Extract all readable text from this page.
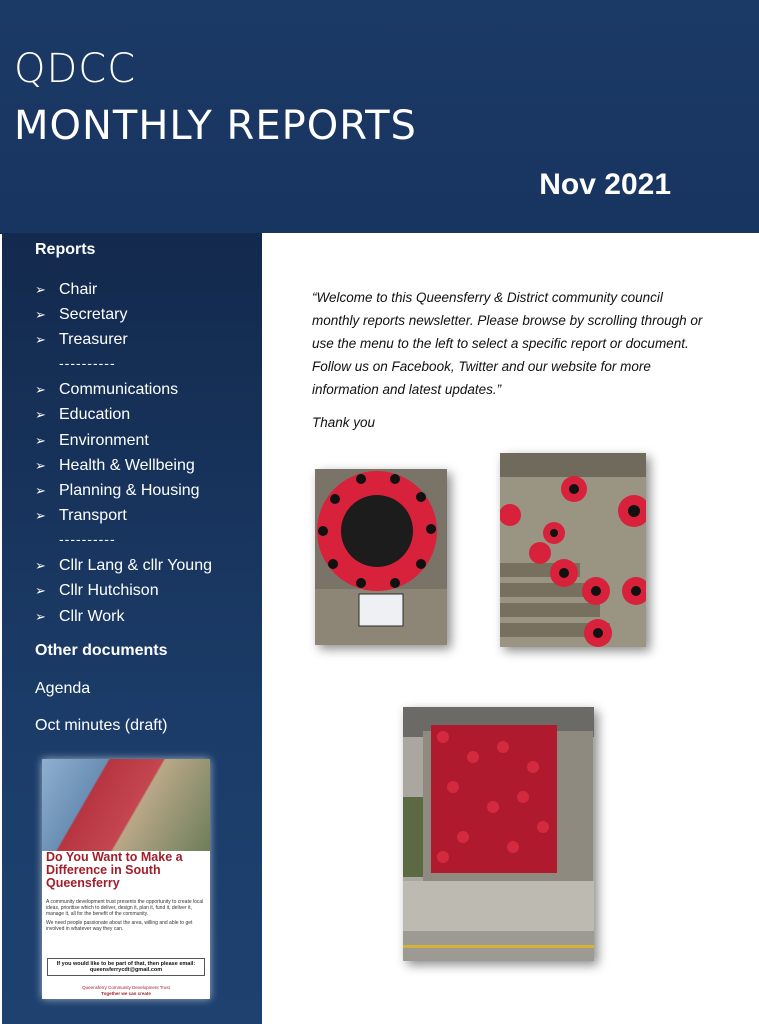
QDCC
MONTHLY REPORTS
Nov 2021
Reports
➢ Chair
➢ Secretary
➢ Treasurer
----------
➢ Communications
➢ Education
➢ Environment
➢ Health & Wellbeing
➢ Planning & Housing
➢ Transport
----------
➢ Cllr Lang & cllr Young
➢ Cllr Hutchison
➢ Cllr Work
Other documents
Agenda
Oct minutes (draft)
Do You Want to Make a Difference in South Queensferry
A community development trust presents the opportunity to create local ideas, prioritise which to deliver, design it, plan it, fund it, deliver it, manage it, all for the benefit of the community.
We need people passionate about the area, willing and able to get involved in whatever way they can.
If you would like to be part of that, then please email: queensferrycdt@gmail.com
Queensferry Community Development Trust
Together we can create
“Welcome to this Queensferry & District community council monthly reports newsletter. Please browse by scrolling through or use the menu to the left to select a specific report or document. Follow us on Facebook, Twitter and our website for more information and latest updates.”
Thank you
